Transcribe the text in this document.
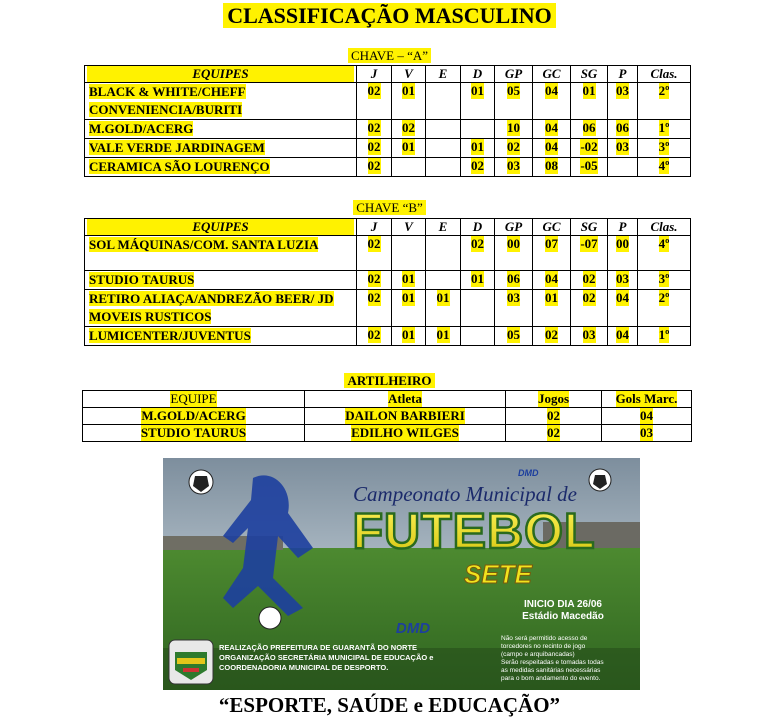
CLASSIFICAÇÃO MASCULINO
CHAVE – “A”
EQUIPES	J	V	E	D	GP	GC	SG	P	Clas.
BLACK & WHITE/CHEFF CONVENIENCIA/BURITI	02	01		01	05	04	01	03	2º
M.GOLD/ACERG	02	02			10	04	06	06	1º
VALE VERDE JARDINAGEM	02	01		01	02	04	-02	03	3º
CERAMICA SÃO LOURENÇO	02			02	03	08	-05		4º
CHAVE “B”
EQUIPES	J	V	E	D	GP	GC	SG	P	Clas.
SOL MÁQUINAS/COM. SANTA LUZIA	02			02	00	07	-07	00	4º
STUDIO TAURUS	02	01		01	06	04	02	03	3º
RETIRO ALIAÇA/ANDREZÃO BEER/ JD MOVEIS RUSTICOS	02	01	01		03	01	02	04	2º
LUMICENTER/JUVENTUS	02	01	01		05	02	03	04	1º
ARTILHEIRO
EQUIPE	Atleta	Jogos	Gols Marc.
M.GOLD/ACERG	DAILON BARBIERI	02	04
STUDIO TAURUS	EDILHO WILGES	02	03
DMD
Campeonato Municipal de
FUTEBOL
SETE
INICIO DIA 26/06
Estádio Macedão
DMD
REALIZAÇÃO PREFEITURA DE GUARANTÃ DO NORTE
ORGANIZAÇÃO SECRETÁRIA MUNICIPAL DE EDUCAÇÃO e
COORDENADORIA MUNICIPAL DE DESPORTO.
Não será permitido acesso de
torcedores no recinto de jogo
(campo e arquibancadas)
Serão respeitadas e tomadas todas
as medidas sanitárias necessárias
para o bom andamento do evento.
“ESPORTE, SAÚDE e EDUCAÇÃO”
